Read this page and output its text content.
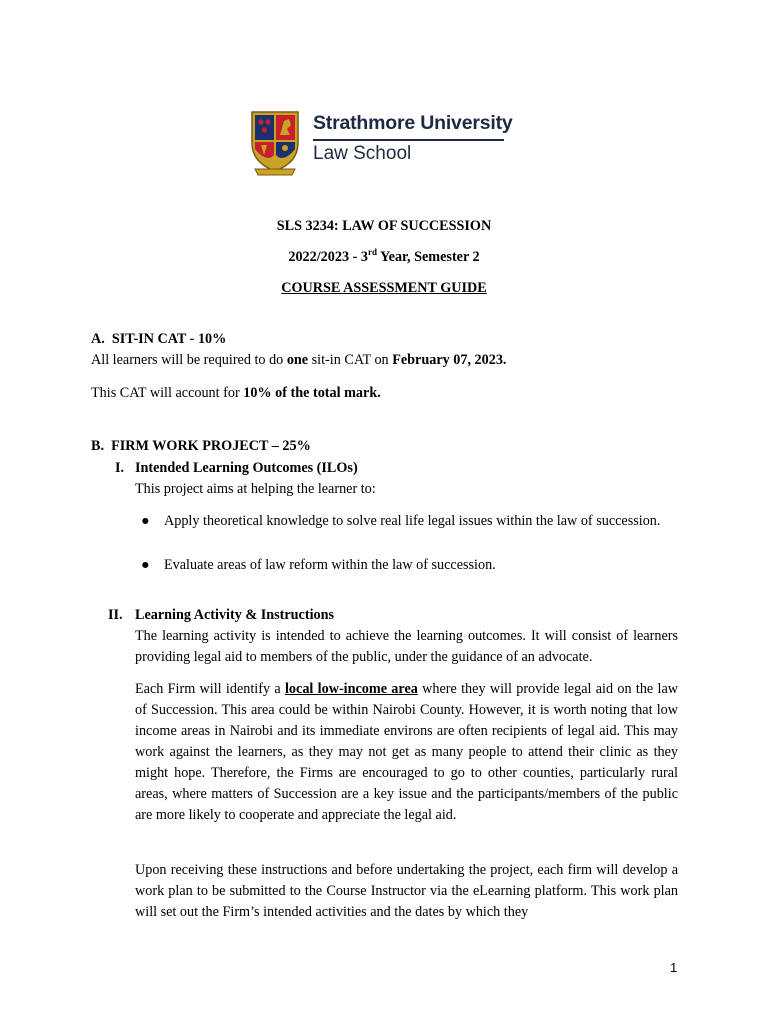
Strathmore University
Law School
SLS 3234: LAW OF SUCCESSION
2022/2023 - 3rd Year, Semester 2
COURSE ASSESSMENT GUIDE
A.  SIT-IN CAT - 10%
All learners will be required to do one sit-in CAT on February 07, 2023.
This CAT will account for 10% of the total mark.
B.  FIRM WORK PROJECT – 25%
I. Intended Learning Outcomes (ILOs)
This project aims at helping the learner to:
● Apply theoretical knowledge to solve real life legal issues within the law of succession.
● Evaluate areas of law reform within the law of succession.
II. Learning Activity & Instructions
The learning activity is intended to achieve the learning outcomes. It will consist of learners providing legal aid to members of the public, under the guidance of an advocate.
Each Firm will identify a local low-income area where they will provide legal aid on the law of Succession. This area could be within Nairobi County. However, it is worth noting that low income areas in Nairobi and its immediate environs are often recipients of legal aid. This may work against the learners, as they may not get as many people to attend their clinic as they might hope. Therefore, the Firms are encouraged to go to other counties, particularly rural areas, where matters of Succession are a key issue and the participants/members of the public are more likely to cooperate and appreciate the legal aid.
Upon receiving these instructions and before undertaking the project, each firm will develop a work plan to be submitted to the Course Instructor via the eLearning platform. This work plan will set out the Firm’s intended activities and the dates by which they
1
